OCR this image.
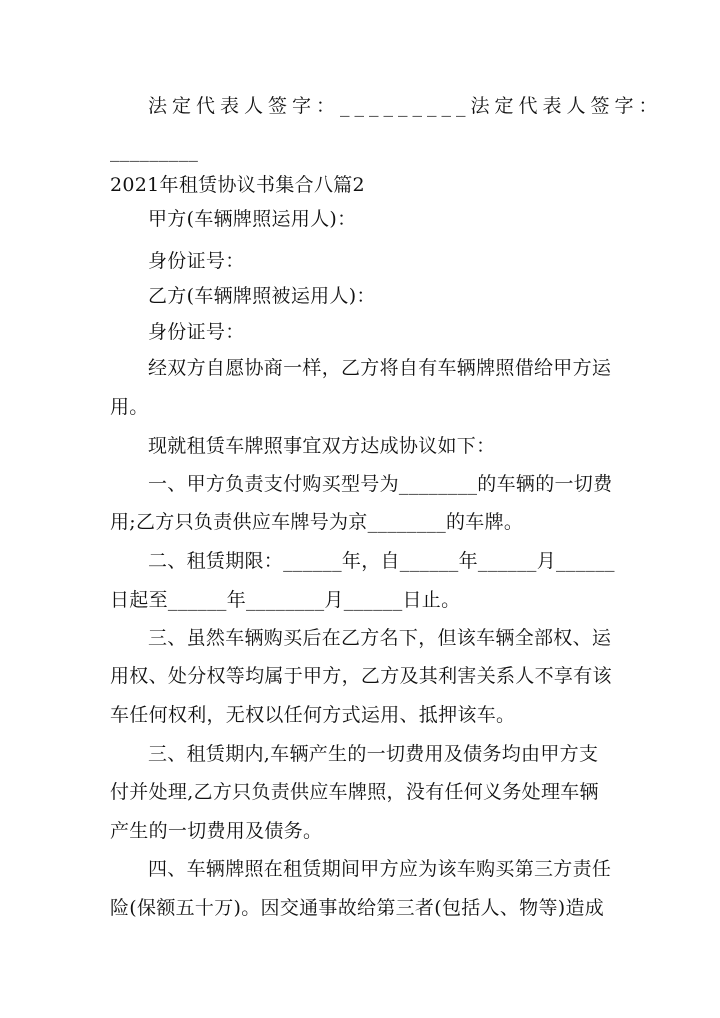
法定代表人签字：_________法定代表人签字：
_________
2021年租赁协议书集合八篇2
甲方(车辆牌照运用人)：
身份证号：
乙方(车辆牌照被运用人)：
身份证号：
经双方自愿协商一样，乙方将自有车辆牌照借给甲方运
用。
现就租赁车牌照事宜双方达成协议如下：
一、甲方负责支付购买型号为________的车辆的一切费
用;乙方只负责供应车牌号为京________的车牌。
二、租赁期限：______年，自______年______月______
日起至______年________月______日止。
三、虽然车辆购买后在乙方名下，但该车辆全部权、运
用权、处分权等均属于甲方，乙方及其利害关系人不享有该
车任何权利，无权以任何方式运用、抵押该车。
三、租赁期内,车辆产生的一切费用及债务均由甲方支
付并处理,乙方只负责供应车牌照，没有任何义务处理车辆
产生的一切费用及债务。
四、车辆牌照在租赁期间甲方应为该车购买第三方责任
险(保额五十万)。因交通事故给第三者(包括人、物等)造成
